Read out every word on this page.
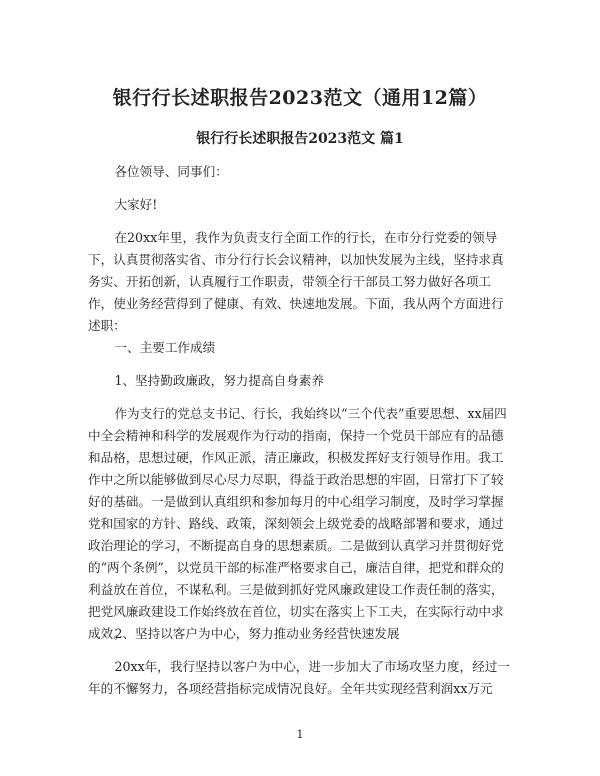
银行行长述职报告2023范文（通用12篇）
银行行长述职报告2023范文 篇1

各位领导、同事们：

大家好!

在20xx年里，我作为负责支行全面工作的行长，在市分行党委的领导下，认真贯彻落实省、市分行行长会议精神，以加快发展为主线，坚持求真务实、开拓创新，认真履行工作职责，带领全行干部员工努力做好各项工作，使业务经营得到了健康、有效、快速地发展。下面，我从两个方面进行述职：

一、主要工作成绩

1、坚持勤政廉政，努力提高自身素养

作为支行的党总支书记、行长，我始终以“三个代表”重要思想、xx届四中全会精神和科学的发展观作为行动的指南，保持一个党员干部应有的品德和品格，思想过硬，作风正派，清正廉政，积极发挥好支行领导作用。我工作中之所以能够做到尽心尽力尽职，得益于政治思想的牢固，日常打下了较好的基础。一是做到认真组织和参加每月的中心组学习制度，及时学习掌握党和国家的方针、路线、政策，深刻领会上级党委的战略部署和要求，通过政治理论的学习，不断提高自身的思想素质。二是做到认真学习并贯彻好党的“两个条例”，以党员干部的标准严格要求自己，廉洁自律，把党和群众的利益放在首位，不谋私利。三是做到抓好党风廉政建设工作责任制的落实，把党风廉政建设工作始终放在首位，切实在落实上下工夫，在实际行动中求成效。

2、坚持以客户为中心，努力推动业务经营快速发展

20xx年，我行坚持以客户为中心，进一步加大了市场攻坚力度，经过一年的不懈努力，各项经营指标完成情况良好。全年共实现经营利润xx万元

1
